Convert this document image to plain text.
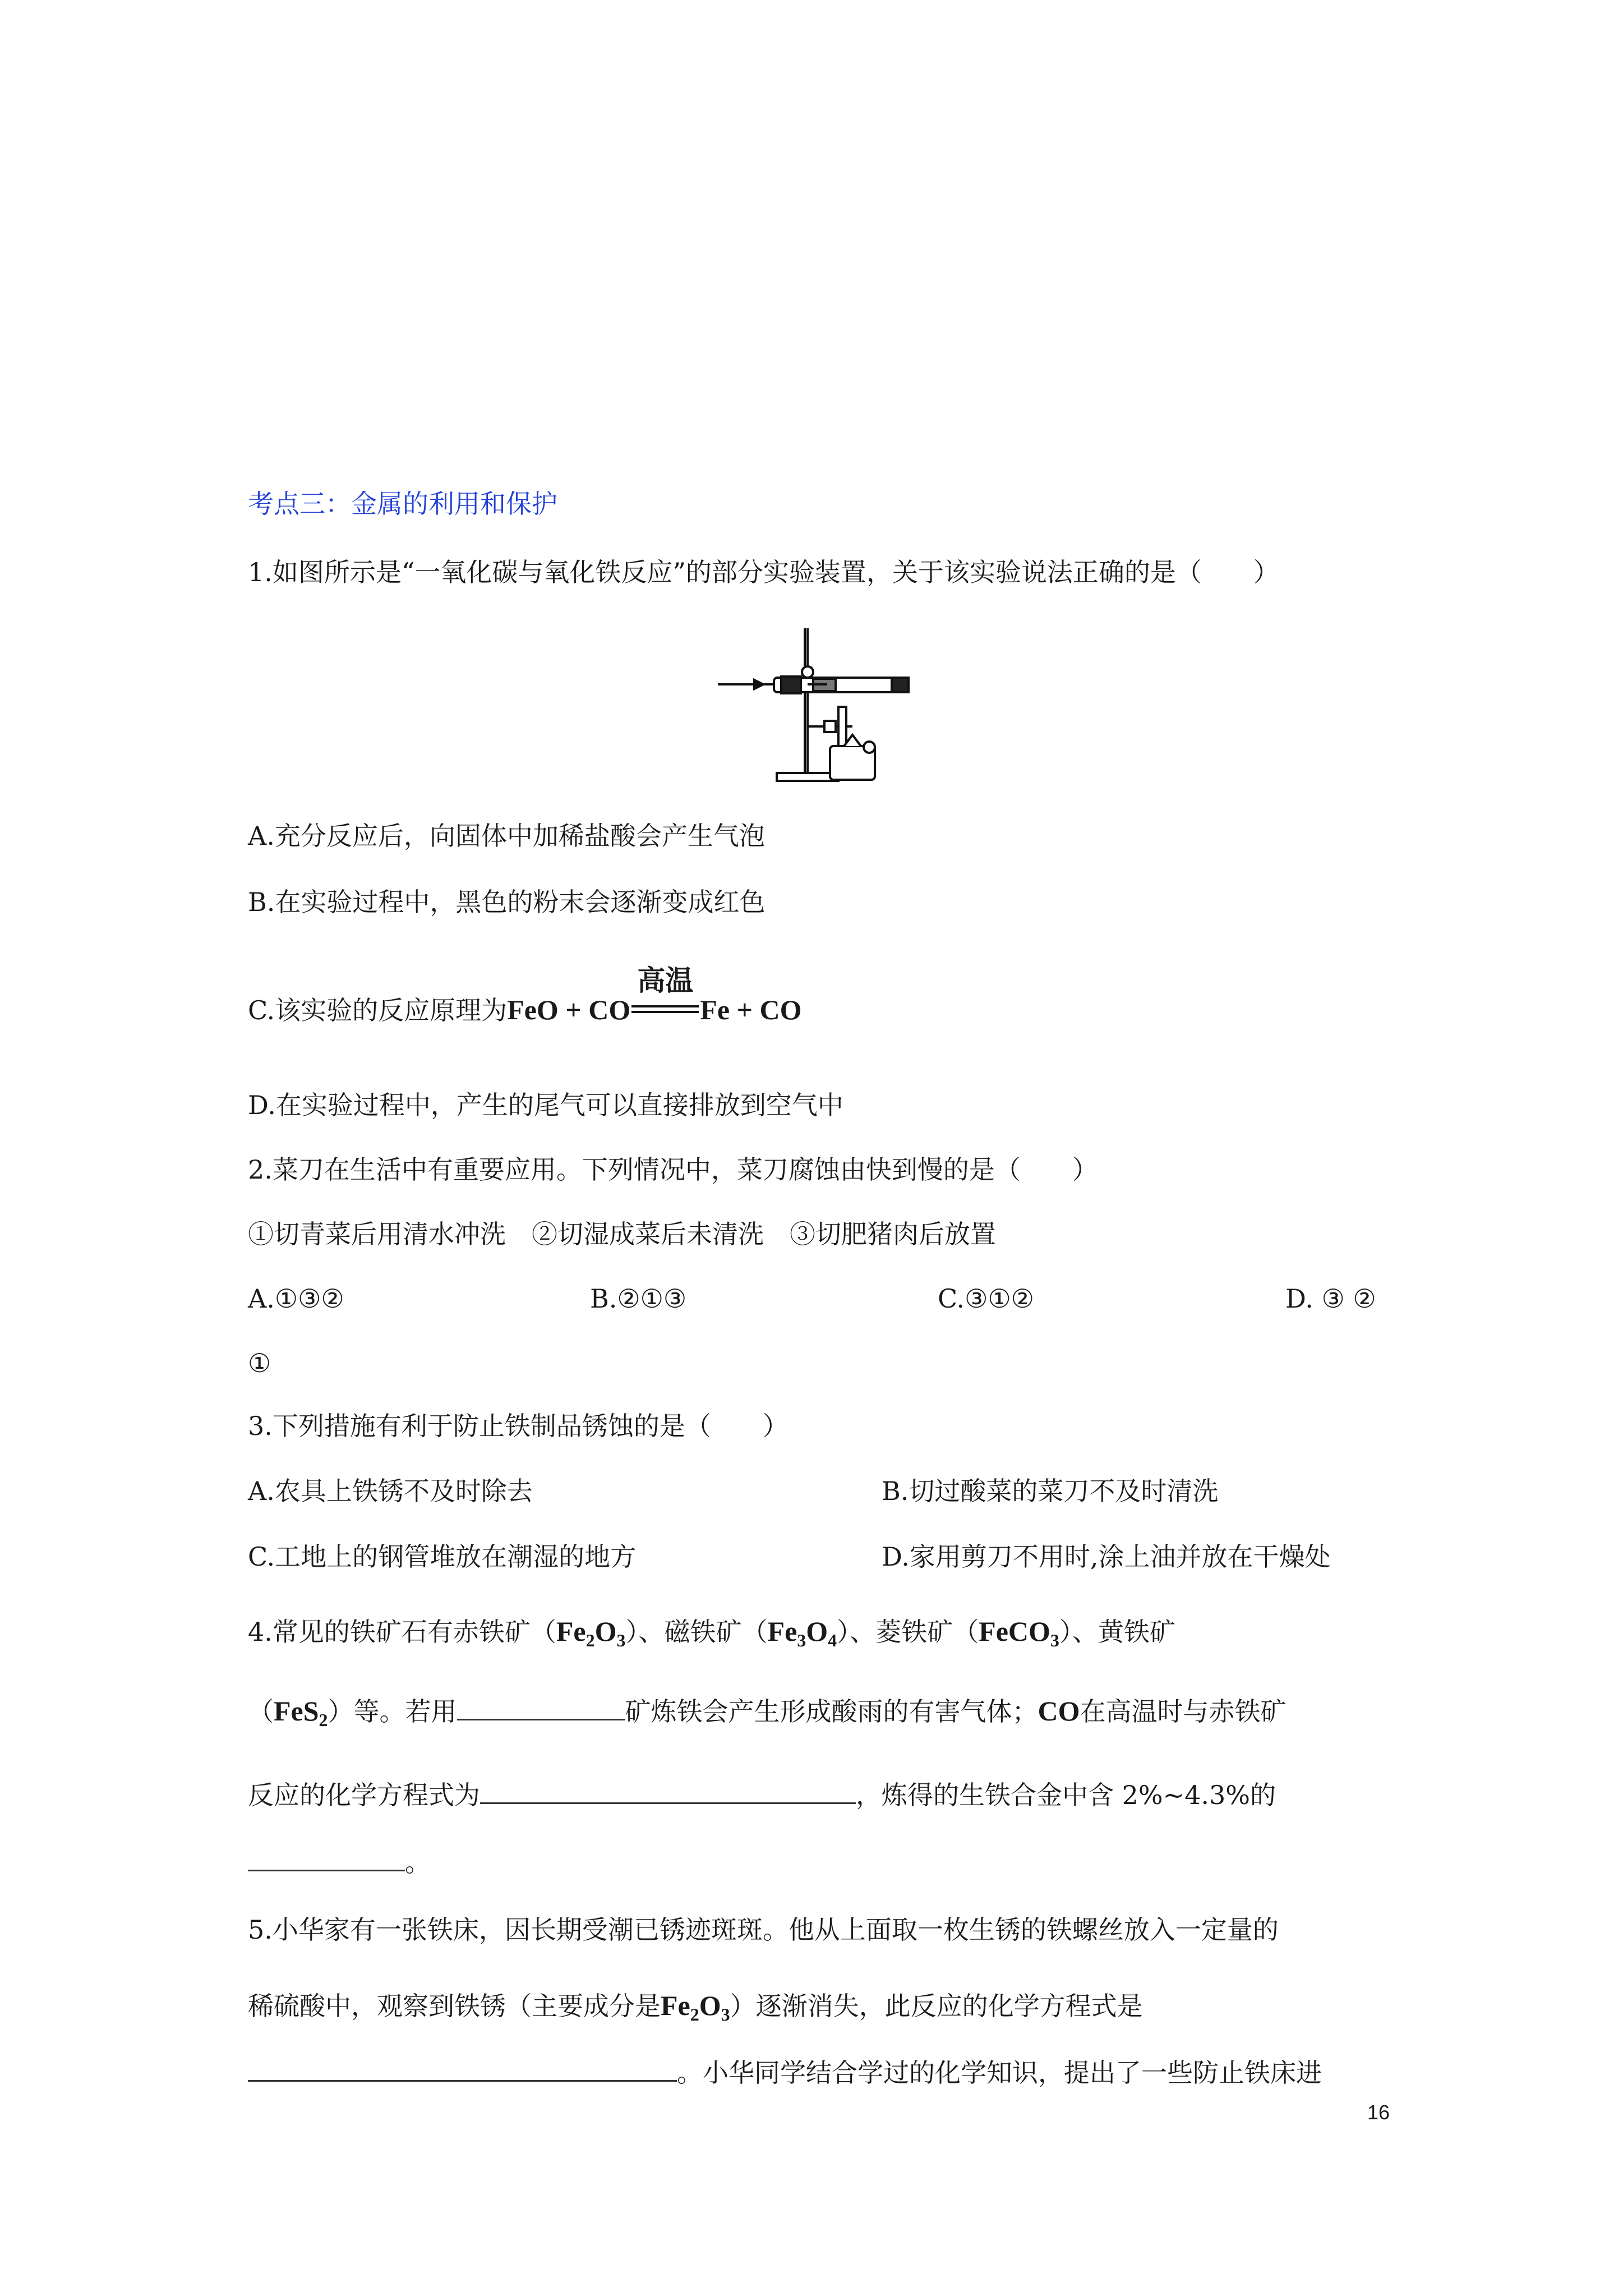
考点三：金属的利用和保护
1.如图所示是“一氧化碳与氧化铁反应”的部分实验装置，关于该实验说法正确的是（　　）
A.充分反应后，向固体中加稀盐酸会产生气泡
B.在实验过程中，黑色的粉末会逐渐变成红色
C.该实验的反应原理为FeO + CO
高温
Fe + CO
D.在实验过程中，产生的尾气可以直接排放到空气中
2.菜刀在生活中有重要应用。下列情况中，菜刀腐蚀由快到慢的是（　　）
①切青菜后用清水冲洗　②切湿成菜后未清洗　③切肥猪肉后放置
A.①③②	B.②①③	C.③①②	D. ③ ②
①
3.下列措施有利于防止铁制品锈蚀的是（　　）
A.农具上铁锈不及时除去	B.切过酸菜的菜刀不及时清洗
C.工地上的钢管堆放在潮湿的地方	D.家用剪刀不用时,涂上油并放在干燥处
4.常见的铁矿石有赤铁矿$(Fe_2O_3)$、磁铁矿$(Fe_3O_4)$、菱铁矿（FeCO$_3$）、黄铁矿
（FeS$_2$）等。若用	矿炼铁会产生形成酸雨的有害气体；CO在高温时与赤铁矿
反应的化学方程式为	，炼得的生铁合金中含 2%~4.3%的
。
5.小华家有一张铁床，因长期受潮已锈迹斑斑。他从上面取一枚生锈的铁螺丝放入一定量的
稀硫酸中，观察到铁锈（主要成分是$Fe_2O_3$）逐渐消失，此反应的化学方程式是
。小华同学结合学过的化学知识，提出了一些防止铁床进
16
